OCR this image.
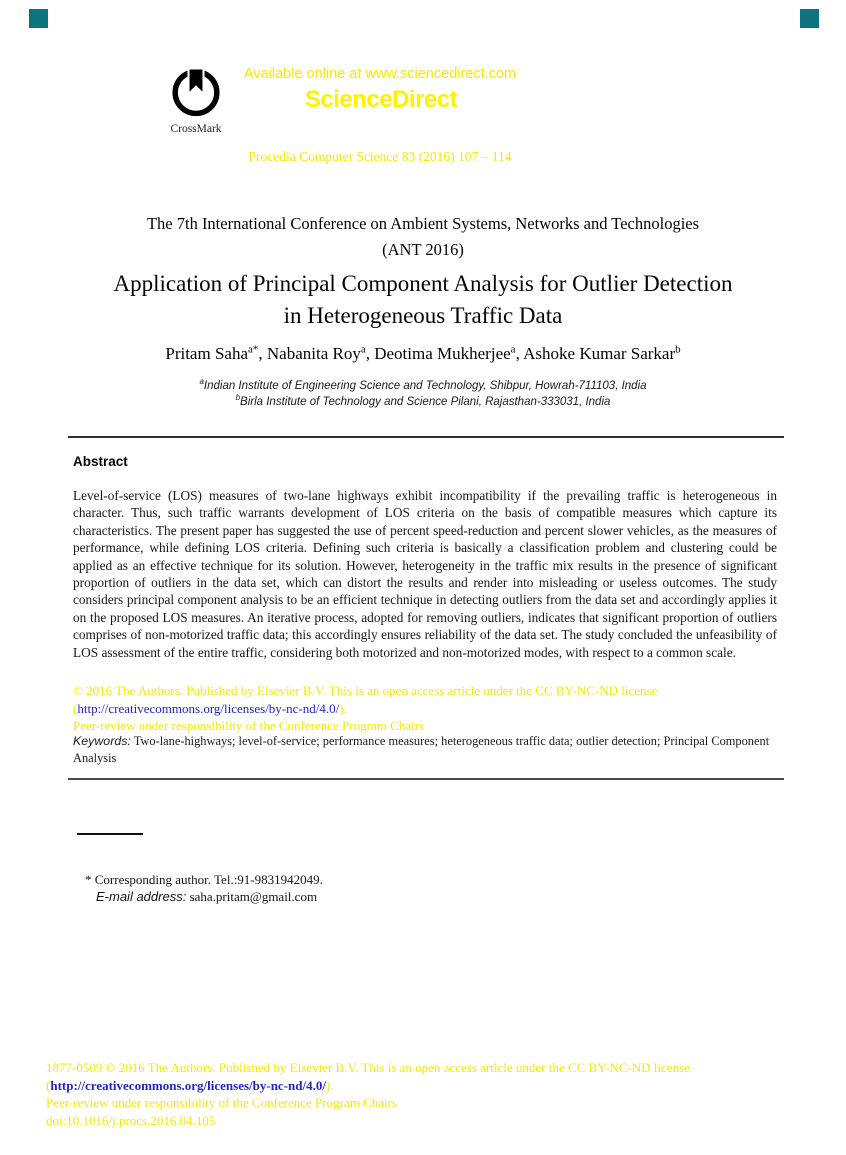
CrossMark
Available online at www.sciencedirect.com
ScienceDirect
Procedia Computer Science 83 (2016) 107 – 114
The 7th International Conference on Ambient Systems, Networks and Technologies
(ANT 2016)
Application of Principal Component Analysis for Outlier Detection
in Heterogeneous Traffic Data
Pritam Saha$^{a*}$, Nabanita Roy$^a$, Deotima Mukherjee$^a$, Ashoke Kumar Sarkar$^b$
$^a$Indian Institute of Engineering Science and Technology, Shibpur, Howrah-711103, India
$^b$Birla Institute of Technology and Science Pilani, Rajasthan-333031, India
Abstract
Level-of-service (LOS) measures of two-lane highways exhibit incompatibility if the prevailing traffic is heterogeneous in character. Thus, such traffic warrants development of LOS criteria on the basis of compatible measures which capture its characteristics. The present paper has suggested the use of percent speed-reduction and percent slower vehicles, as the measures of performance, while defining LOS criteria. Defining such criteria is basically a classification problem and clustering could be applied as an effective technique for its solution. However, heterogeneity in the traffic mix results in the presence of significant proportion of outliers in the data set, which can distort the results and render into misleading or useless outcomes. The study considers principal component analysis to be an efficient technique in detecting outliers from the data set and accordingly applies it on the proposed LOS measures. An iterative process, adopted for removing outliers, indicates that significant proportion of outliers comprises of non-motorized traffic data; this accordingly ensures reliability of the data set. The study concluded the unfeasibility of LOS assessment of the entire traffic, considering both motorized and non-motorized modes, with respect to a common scale.
© 2016 The Authors. Published by Elsevier B.V. This is an open access article under the CC BY-NC-ND license
(http://creativecommons.org/licenses/by-nc-nd/4.0/).
Peer-review under responsibility of the Conference Program Chairs
Keywords: Two-lane-highways; level-of-service; performance measures; heterogeneous traffic data; outlier detection; Principal Component Analysis
* Corresponding author. Tel.:91-9831942049.
E-mail address: saha.pritam@gmail.com
1877-0509 © 2016 The Authors. Published by Elsevier B.V. This is an open access article under the CC BY-NC-ND license
(http://creativecommons.org/licenses/by-nc-nd/4.0/).
Peer-review under responsibility of the Conference Program Chairs
doi:10.1016/j.procs.2016.04.105
